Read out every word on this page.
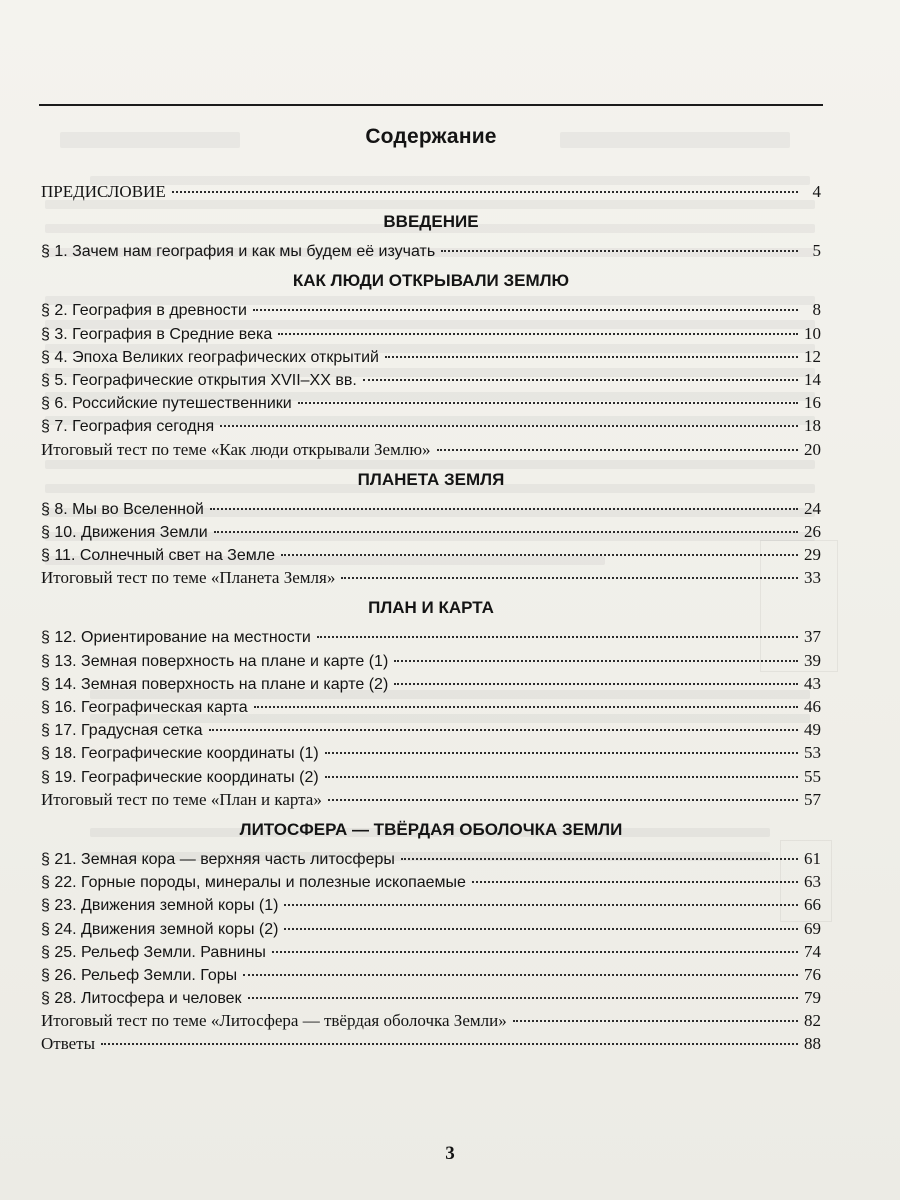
Содержание
ПРЕДИСЛОВИЕ	4
ВВЕДЕНИЕ
§ 1. Зачем нам география и как мы будем её изучать	5
КАК ЛЮДИ ОТКРЫВАЛИ ЗЕМЛЮ
§ 2. География в древности	8
§ 3. География в Средние века	10
§ 4. Эпоха Великих географических открытий	12
§ 5. Географические открытия XVII–XX вв.	14
§ 6. Российские путешественники	16
§ 7. География сегодня	18
Итоговый тест по теме «Как люди открывали Землю»	20
ПЛАНЕТА ЗЕМЛЯ
§ 8. Мы во Вселенной	24
§ 10. Движения Земли	26
§ 11. Солнечный свет на Земле	29
Итоговый тест по теме «Планета Земля»	33
ПЛАН И КАРТА
§ 12. Ориентирование на местности	37
§ 13. Земная поверхность на плане и карте (1)	39
§ 14. Земная поверхность на плане и карте (2)	43
§ 16. Географическая карта	46
§ 17. Градусная сетка	49
§ 18. Географические координаты (1)	53
§ 19. Географические координаты (2)	55
Итоговый тест по теме «План и карта»	57
ЛИТОСФЕРА — ТВЁРДАЯ ОБОЛОЧКА ЗЕМЛИ
§ 21. Земная кора — верхняя часть литосферы	61
§ 22. Горные породы, минералы и полезные ископаемые	63
§ 23. Движения земной коры (1)	66
§ 24. Движения земной коры (2)	69
§ 25. Рельеф Земли. Равнины	74
§ 26. Рельеф Земли. Горы	76
§ 28. Литосфера и человек	79
Итоговый тест по теме «Литосфера — твёрдая оболочка Земли»	82
Ответы	88
3
